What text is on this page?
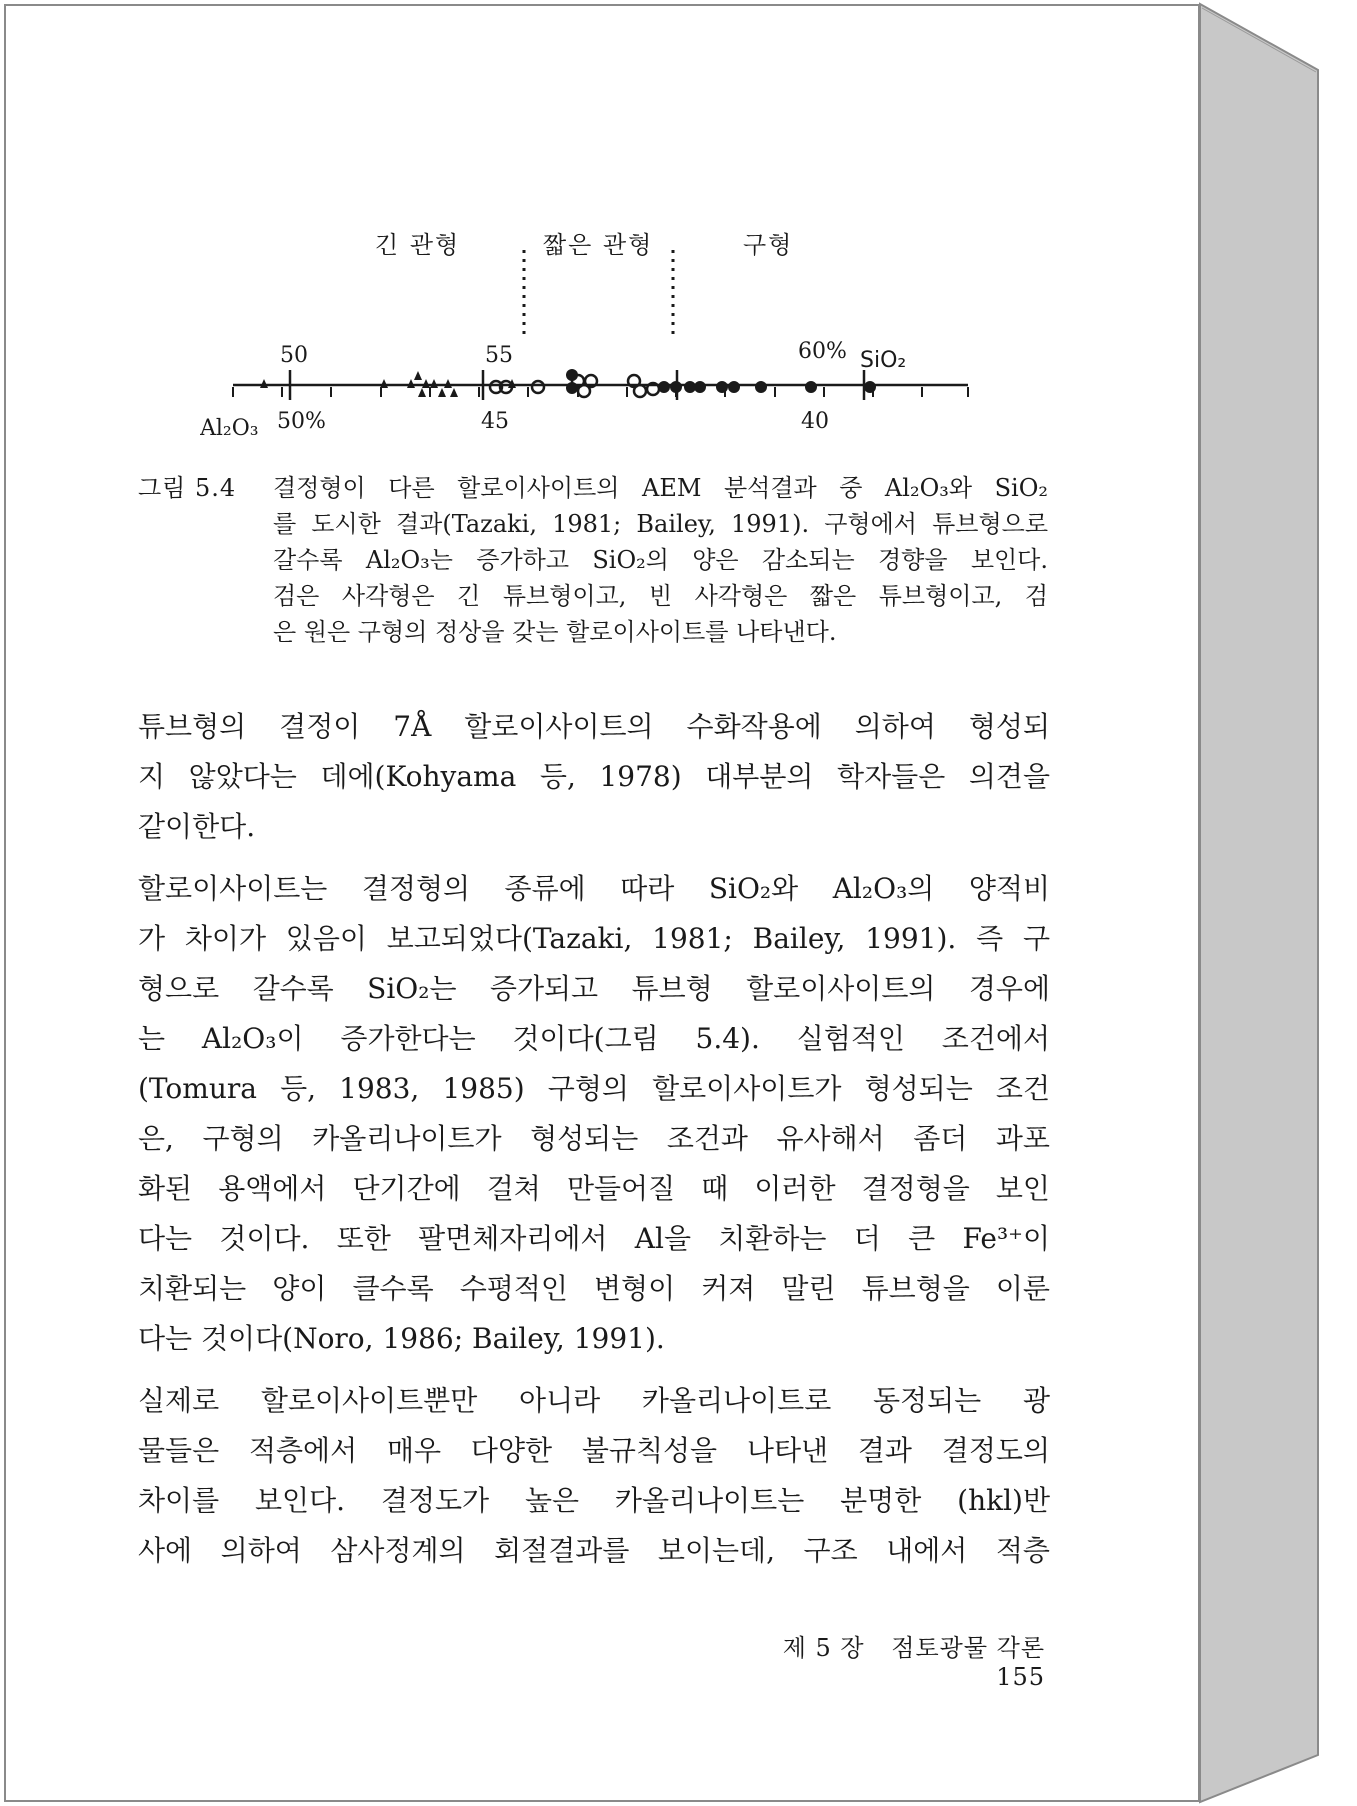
긴 관형	짧은 관형	구형
50	55	60%
50%	45	40
Al₂O₃
SiO₂
그림 5.4	결정형이 다른 할로이사이트의 AEM 분석결과 중 Al₂O₃와 SiO₂
를 도시한 결과(Tazaki, 1981; Bailey, 1991). 구형에서 튜브형으로
갈수록 Al₂O₃는 증가하고 SiO₂의 양은 감소되는 경향을 보인다.
검은 사각형은 긴 튜브형이고, 빈 사각형은 짧은 튜브형이고, 검
은 원은 구형의 정상을 갖는 할로이사이트를 나타낸다.
튜브형의 결정이 7Å 할로이사이트의 수화작용에 의하여 형성되
지 않았다는 데에(Kohyama 등, 1978) 대부분의 학자들은 의견을
같이한다.
할로이사이트는 결정형의 종류에 따라 SiO₂와 Al₂O₃의 양적비
가 차이가 있음이 보고되었다(Tazaki, 1981; Bailey, 1991). 즉 구
형으로 갈수록 SiO₂는 증가되고 튜브형 할로이사이트의 경우에
는 Al₂O₃이 증가한다는 것이다(그림 5.4). 실험적인 조건에서
(Tomura 등, 1983, 1985) 구형의 할로이사이트가 형성되는 조건
은, 구형의 카올리나이트가 형성되는 조건과 유사해서 좀더 과포
화된 용액에서 단기간에 걸쳐 만들어질 때 이러한 결정형을 보인
다는 것이다. 또한 팔면체자리에서 Al을 치환하는 더 큰 Fe³⁺이
치환되는 양이 클수록 수평적인 변형이 커져 말린 튜브형을 이룬
다는 것이다(Noro, 1986; Bailey, 1991).
실제로 할로이사이트뿐만 아니라 카올리나이트로 동정되는 광
물들은 적층에서 매우 다양한 불규칙성을 나타낸 결과 결정도의
차이를 보인다. 결정도가 높은 카올리나이트는 분명한 (hkl)반
사에 의하여 삼사정계의 회절결과를 보이는데, 구조 내에서 적층
제 5 장 점토광물 각론 155
